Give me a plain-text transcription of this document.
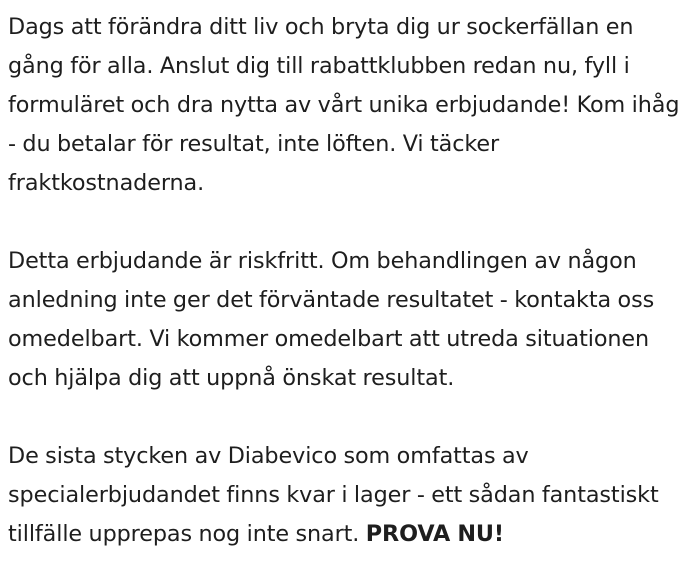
Dags att förändra ditt liv och bryta dig ur sockerfällan en gång för alla. Anslut dig till rabattklubben redan nu, fyll i formuläret och dra nytta av vårt unika erbjudande! Kom ihåg - du betalar för resultat, inte löften. Vi täcker fraktkostnaderna.

Detta erbjudande är riskfritt. Om behandlingen av någon anledning inte ger det förväntade resultatet - kontakta oss omedelbart. Vi kommer omedelbart att utreda situationen och hjälpa dig att uppnå önskat resultat.

De sista stycken av Diabevico som omfattas av specialerbjudandet finns kvar i lager - ett sådan fantastiskt tillfälle upprepas nog inte snart. PROVA NU!
